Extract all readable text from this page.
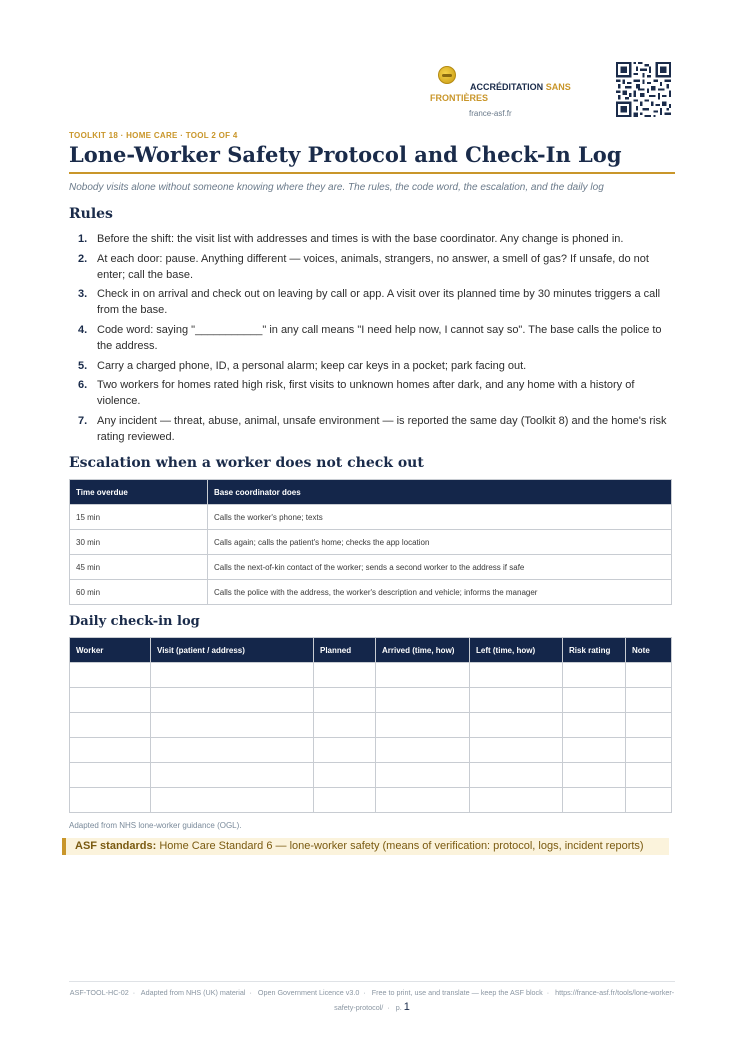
ACCRÉDITATION SANS
FRONTIÈRES
france-asf.fr
TOOLKIT 18 · HOME CARE · TOOL 2 OF 4
Lone-Worker Safety Protocol and Check-In Log
Nobody visits alone without someone knowing where they are. The rules, the code word, the escalation, and the daily log
Rules
1. Before the shift: the visit list with addresses and times is with the base coordinator. Any change is phoned in.
2. At each door: pause. Anything different — voices, animals, strangers, no answer, a smell of gas? If unsafe, do not enter; call the base.
3. Check in on arrival and check out on leaving by call or app. A visit over its planned time by 30 minutes triggers a call from the base.
4. Code word: saying "___________" in any call means "I need help now, I cannot say so". The base calls the police to the address.
5. Carry a charged phone, ID, a personal alarm; keep car keys in a pocket; park facing out.
6. Two workers for homes rated high risk, first visits to unknown homes after dark, and any home with a history of violence.
7. Any incident — threat, abuse, animal, unsafe environment — is reported the same day (Toolkit 8) and the home's risk rating reviewed.
Escalation when a worker does not check out
Time overdue	Base coordinator does
15 min	Calls the worker's phone; texts
30 min	Calls again; calls the patient's home; checks the app location
45 min	Calls the next-of-kin contact of the worker; sends a second worker to the address if safe
60 min	Calls the police with the address, the worker's description and vehicle; informs the manager
Daily check-in log
Worker	Visit (patient / address)	Planned	Arrived (time, how)	Left (time, how)	Risk rating	Note

Adapted from NHS lone-worker guidance (OGL).
ASF standards: Home Care Standard 6 — lone-worker safety (means of verification: protocol, logs, incident reports)
ASF-TOOL-HC-02 · Adapted from NHS (UK) material · Open Government Licence v3.0 · Free to print, use and translate — keep the ASF block · https://france-asf.fr/tools/lone-worker-safety-protocol/ · p. 1
